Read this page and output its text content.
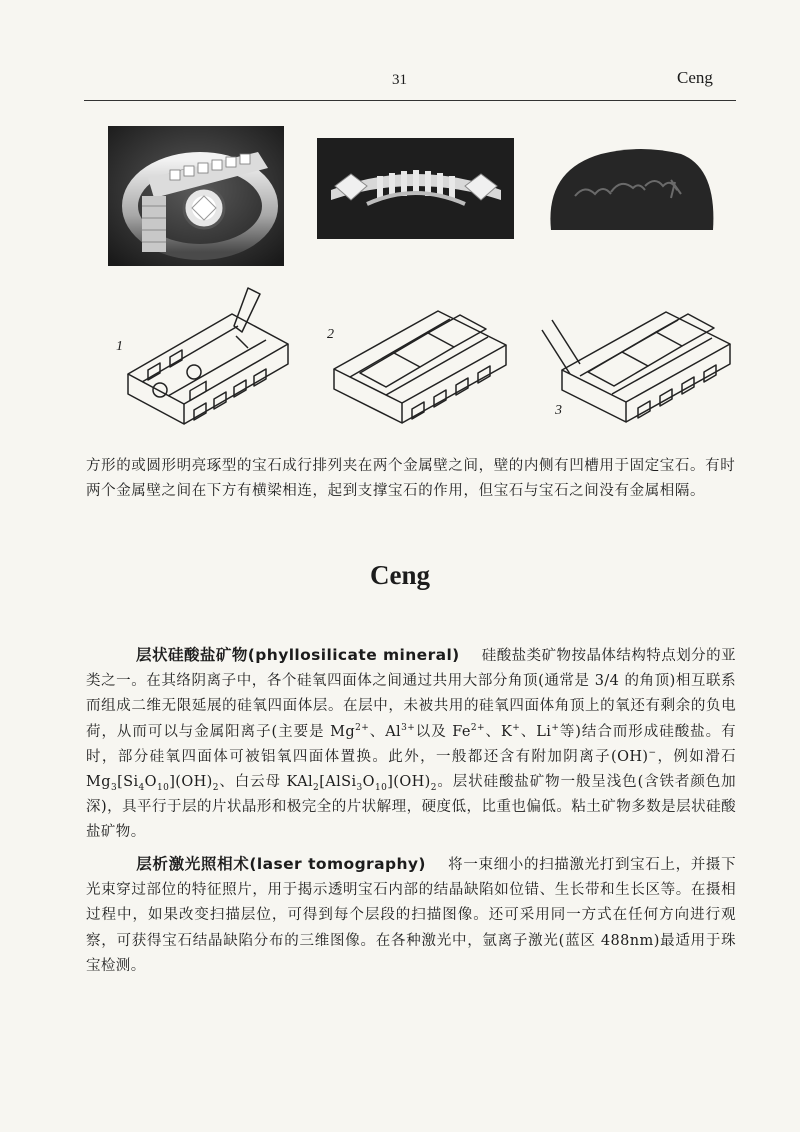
31	Ceng
1
2
3
方形的或圆形明亮琢型的宝石成行排列夹在两个金属壁之间，壁的内侧有凹槽用于固定宝石。有时两个金属壁之间在下方有横梁相连，起到支撑宝石的作用，但宝石与宝石之间没有金属相隔。
Ceng
层状硅酸盐矿物(phyllosilicate mineral) 硅酸盐类矿物按晶体结构特点划分的亚类之一。在其络阴离子中，各个硅氧四面体之间通过共用大部分角顶(通常是 3/4 的角顶)相互联系而组成二维无限延展的硅氧四面体层。在层中，未被共用的硅氧四面体角顶上的氧还有剩余的负电荷，从而可以与金属阳离子(主要是 $Mg^{2+}$、$Al^{3+}$以及 $Fe^{2+}$、K+、Li+等)结合而形成硅酸盐。有时，部分硅氧四面体可被铝氧四面体置换。此外，一般都还含有附加阴离子(OH)−，例如滑石 $Mg_3[Si_4O_{10}](OH)_2$、白云母 $KAl_2[AlSi_3O_{10}](OH)_2$。层状硅酸盐矿物一般呈浅色(含铁者颜色加深)，具平行于层的片状晶形和极完全的片状解理，硬度低，比重也偏低。粘土矿物多数是层状硅酸盐矿物。
层析激光照相术(laser tomography) 将一束细小的扫描激光打到宝石上，并摄下光束穿过部位的特征照片，用于揭示透明宝石内部的结晶缺陷如位错、生长带和生长区等。在摄相过程中，如果改变扫描层位，可得到每个层段的扫描图像。还可采用同一方式在任何方向进行观察，可获得宝石结晶缺陷分布的三维图像。在各种激光中，氩离子激光(蓝区 488nm)最适用于珠宝检测。
